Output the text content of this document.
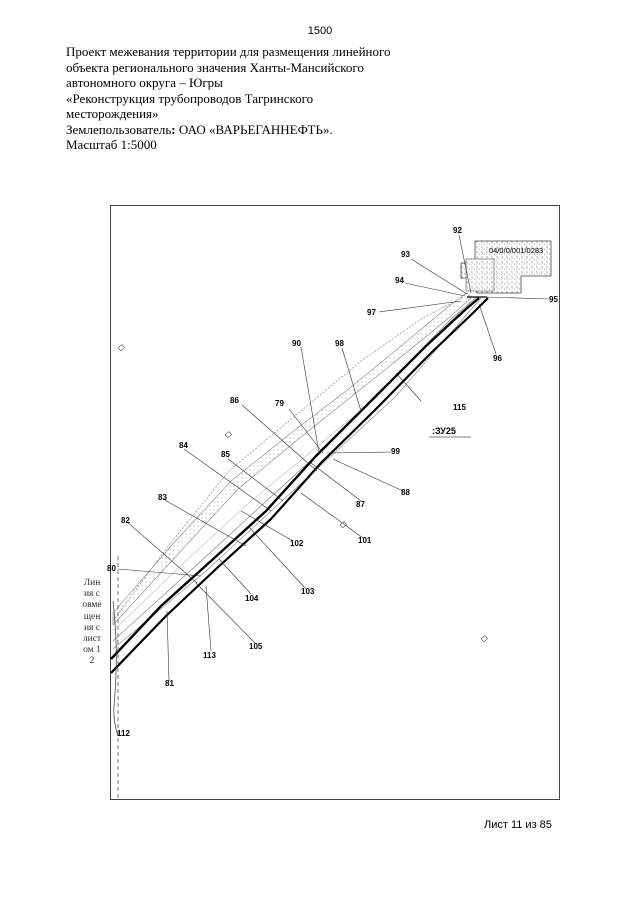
1500
Проект межевания территории для размещения линейного
объекта регионального значения Ханты-Мансийского
автономного округа – Югры
«Реконструкция трубопроводов Тагринского
месторождения»
Землепользователь: ОАО «ВАРЬЕГАННЕФТЬ».
Масштаб 1:5000
92
93
94
95
96
97
90	98
86	79	115
99
84
85
87
88
83
102	101
82
80
104
103
105
113
81
112
04/0/0/001/0283
:ЗУ25
Линия совмещения с листом 12
Лист 11 из 85
